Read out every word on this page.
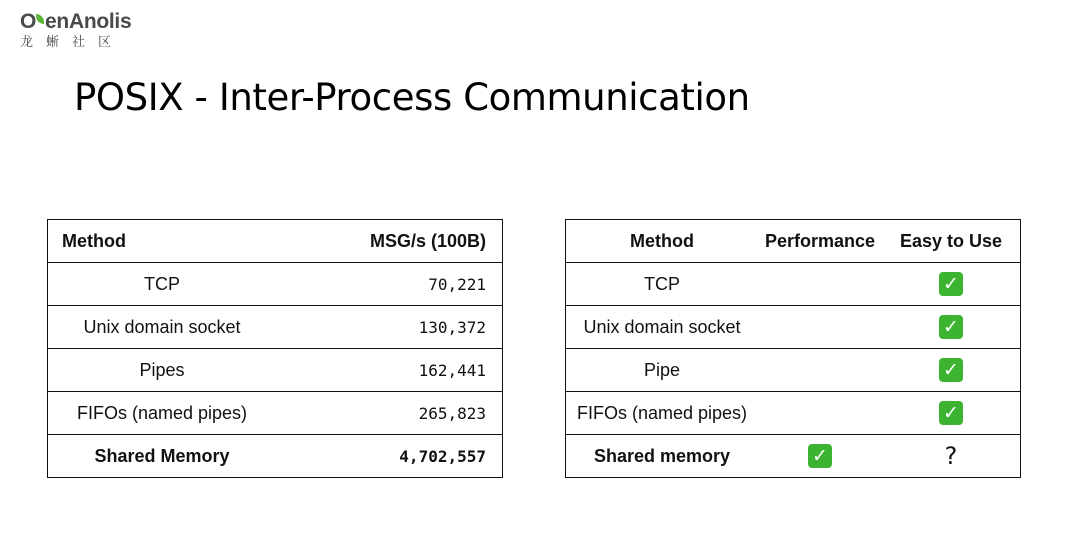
O enAnolis
龙蜥社区
POSIX - Inter-Process Communication
Method	MSG/s (100B)
TCP	70,221
Unix domain socket	130,372
Pipes	162,441
FIFOs (named pipes)	265,823
Shared Memory	4,702,557
Method	Performance	Easy to Use
TCP		✓
Unix domain socket		✓
Pipe		✓
FIFOs (named pipes)		✓
Shared memory	✓	?
